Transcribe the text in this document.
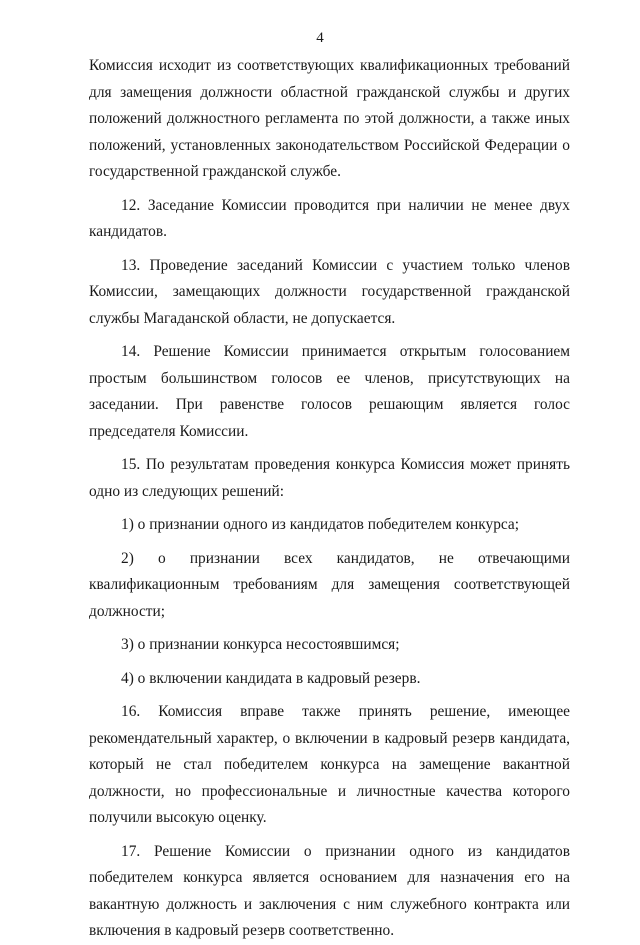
4

Комиссия исходит из соответствующих квалификационных требований для замещения должности областной гражданской службы и других положений должностного регламента по этой должности, а также иных положений, установленных законодательством Российской Федерации о государственной гражданской службе.

12. Заседание Комиссии проводится при наличии не менее двух кандидатов.

13. Проведение заседаний Комиссии с участием только членов Комиссии, замещающих должности государственной гражданской службы Магаданской области, не допускается.

14. Решение Комиссии принимается открытым голосованием простым большинством голосов ее членов, присутствующих на заседании. При равенстве голосов решающим является голос председателя Комиссии.

15. По результатам проведения конкурса Комиссия может принять одно из следующих решений:

1) о признании одного из кандидатов победителем конкурса;

2) о признании всех кандидатов, не отвечающими квалификационным требованиям для замещения соответствующей должности;

3) о признании конкурса несостоявшимся;

4) о включении кандидата в кадровый резерв.

16. Комиссия вправе также принять решение, имеющее рекомендательный характер, о включении в кадровый резерв кандидата, который не стал победителем конкурса на замещение вакантной должности, но профессиональные и личностные качества которого получили высокую оценку.

17. Решение Комиссии о признании одного из кандидатов победителем конкурса является основанием для назначения его на вакантную должность и заключения с ним служебного контракта или включения в кадровый резерв соответственно.
